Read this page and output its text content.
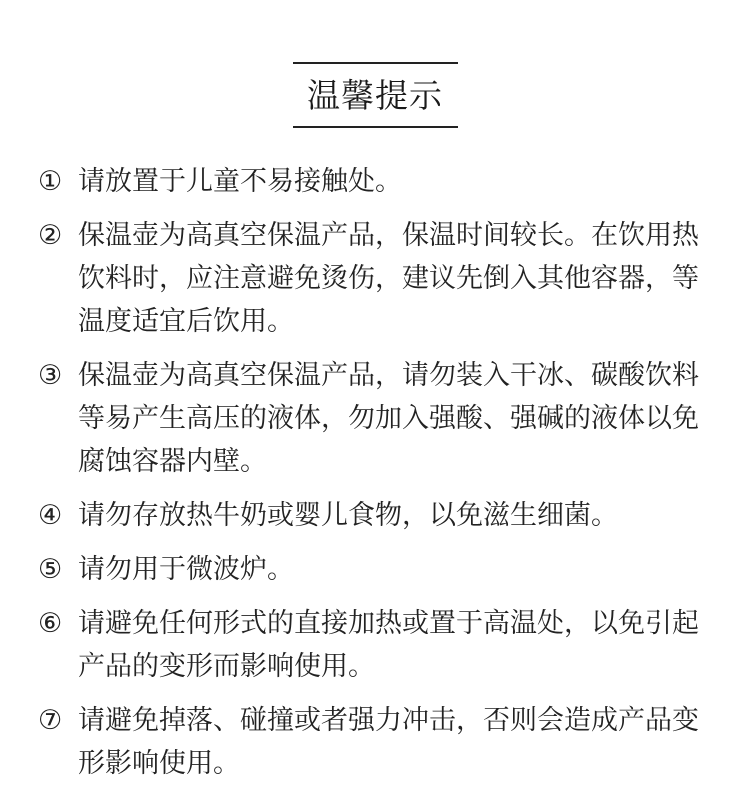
温馨提示
① 请放置于儿童不易接触处。
② 保温壶为高真空保温产品，保温时间较长。在饮用热饮料时，应注意避免烫伤，建议先倒入其他容器，等温度适宜后饮用。
③ 保温壶为高真空保温产品，请勿装入干冰、碳酸饮料等易产生高压的液体，勿加入强酸、强碱的液体以免腐蚀容器内壁。
④ 请勿存放热牛奶或婴儿食物，以免滋生细菌。
⑤ 请勿用于微波炉。
⑥ 请避免任何形式的直接加热或置于高温处，以免引起产品的变形而影响使用。
⑦ 请避免掉落、碰撞或者强力冲击，否则会造成产品变形影响使用。
